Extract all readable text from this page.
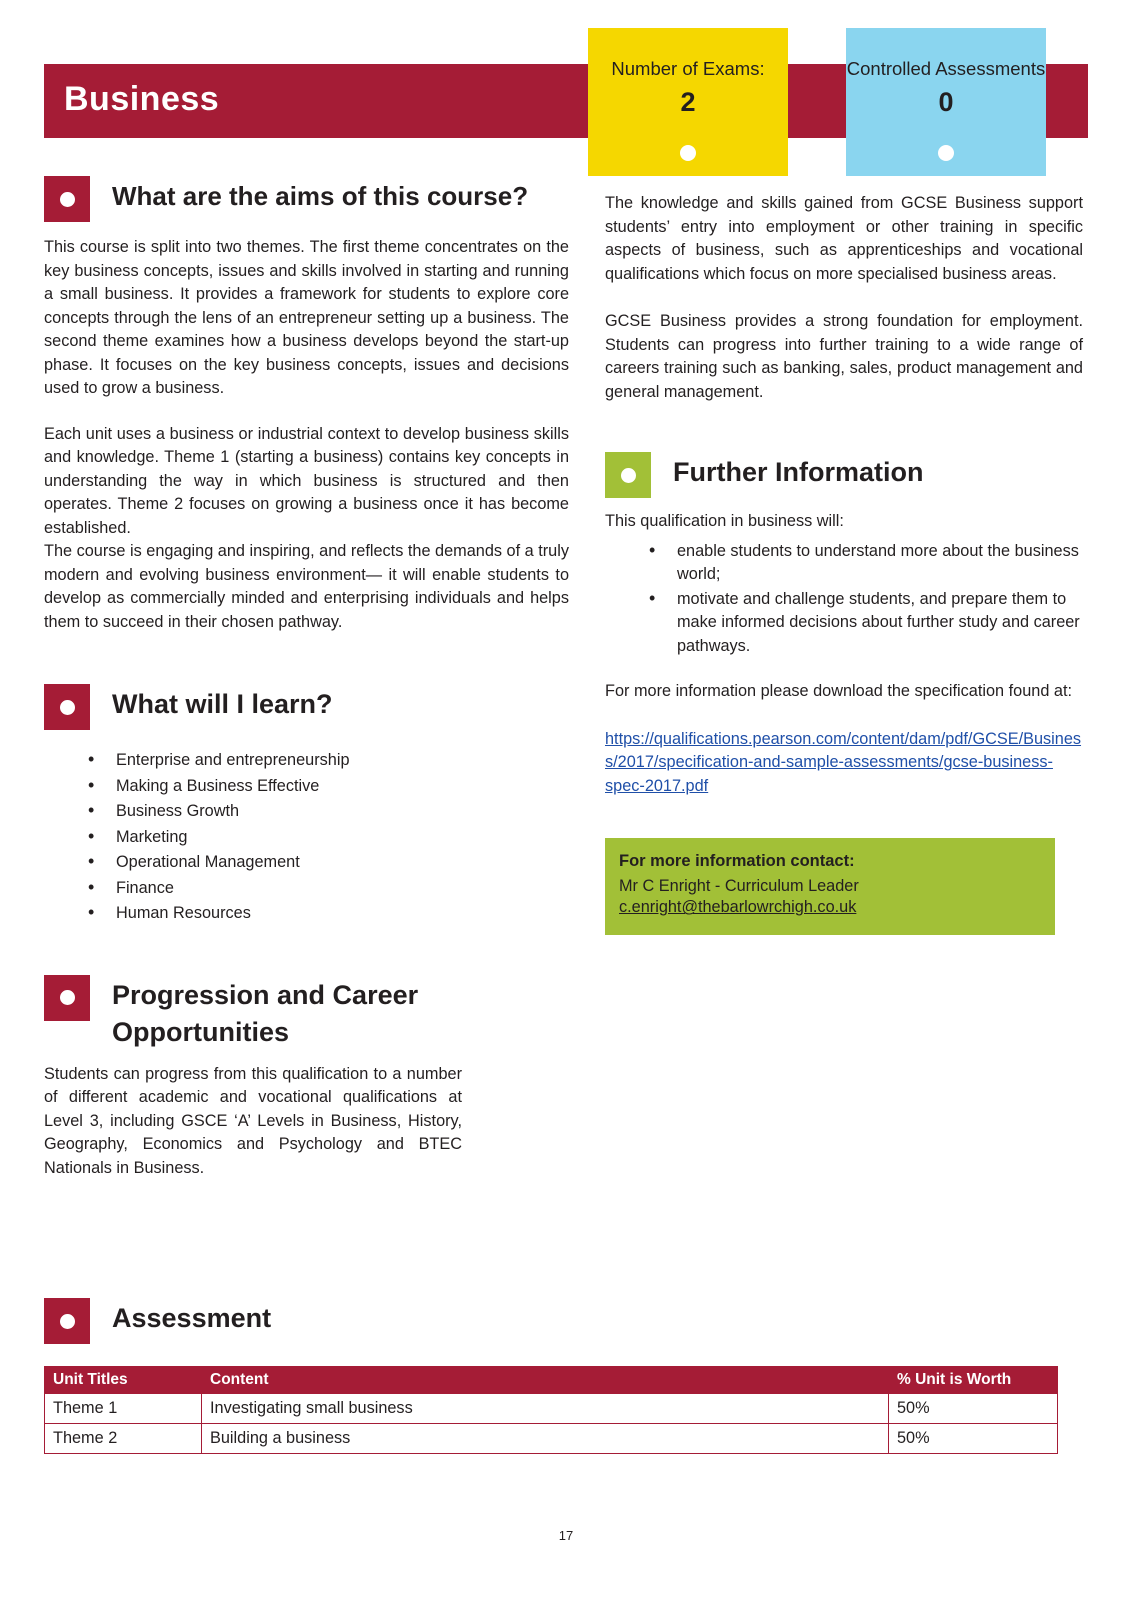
Business
Number of Exams:
2
Controlled Assessments
0
What are the aims of this course?

This course is split into two themes. The first theme concentrates on the key business concepts, issues and skills involved in starting and running a small business. It provides a framework for students to explore core concepts through the lens of an entrepreneur setting up a business. The second theme examines how a business develops beyond the start-up phase. It focuses on the key business concepts, issues and decisions used to grow a business.

Each unit uses a business or industrial context to develop business skills and knowledge. Theme 1 (starting a business) contains key concepts in understanding the way in which business is structured and then operates. Theme 2 focuses on growing a business once it has become established.

The course is engaging and inspiring, and reflects the demands of a truly modern and evolving business environment— it will enable students to develop as commercially minded and enterprising individuals and helps them to succeed in their chosen pathway.

What will I learn?
• Enterprise and entrepreneurship
• Making a Business Effective
• Business Growth
• Marketing
• Operational Management
• Finance
• Human Resources
Progression and Career
Opportunities

Students can progress from this qualification to a number of different academic and vocational qualifications at Level 3, including GSCE ‘A’ Levels in Business, History, Geography, Economics and Psychology and BTEC Nationals in Business.

The knowledge and skills gained from GCSE Business support students’ entry into employment or other training in specific aspects of business, such as apprenticeships and vocational qualifications which focus on more specialised business areas.

GCSE Business provides a strong foundation for employment. Students can progress into further training to a wide range of careers training such as banking, sales, product management and general management.

Further Information

This qualification in business will:

• enable students to understand more about the business world;
• motivate and challenge students, and prepare them to make informed decisions about further study and career pathways.

For more information please download the specification found at:

https://qualifications.pearson.com/content/dam/pdf/GCSE/Business/2017/specification-and-sample-assessments/gcse-business-spec-2017.pdf
For more information contact:
Mr C Enright - Curriculum Leader
c.enright@thebarlowrchigh.co.uk
Assessment
Unit Titles	Content	% Unit is Worth
Theme 1	Investigating small business	50%
Theme 2	Building a business	50%
17
